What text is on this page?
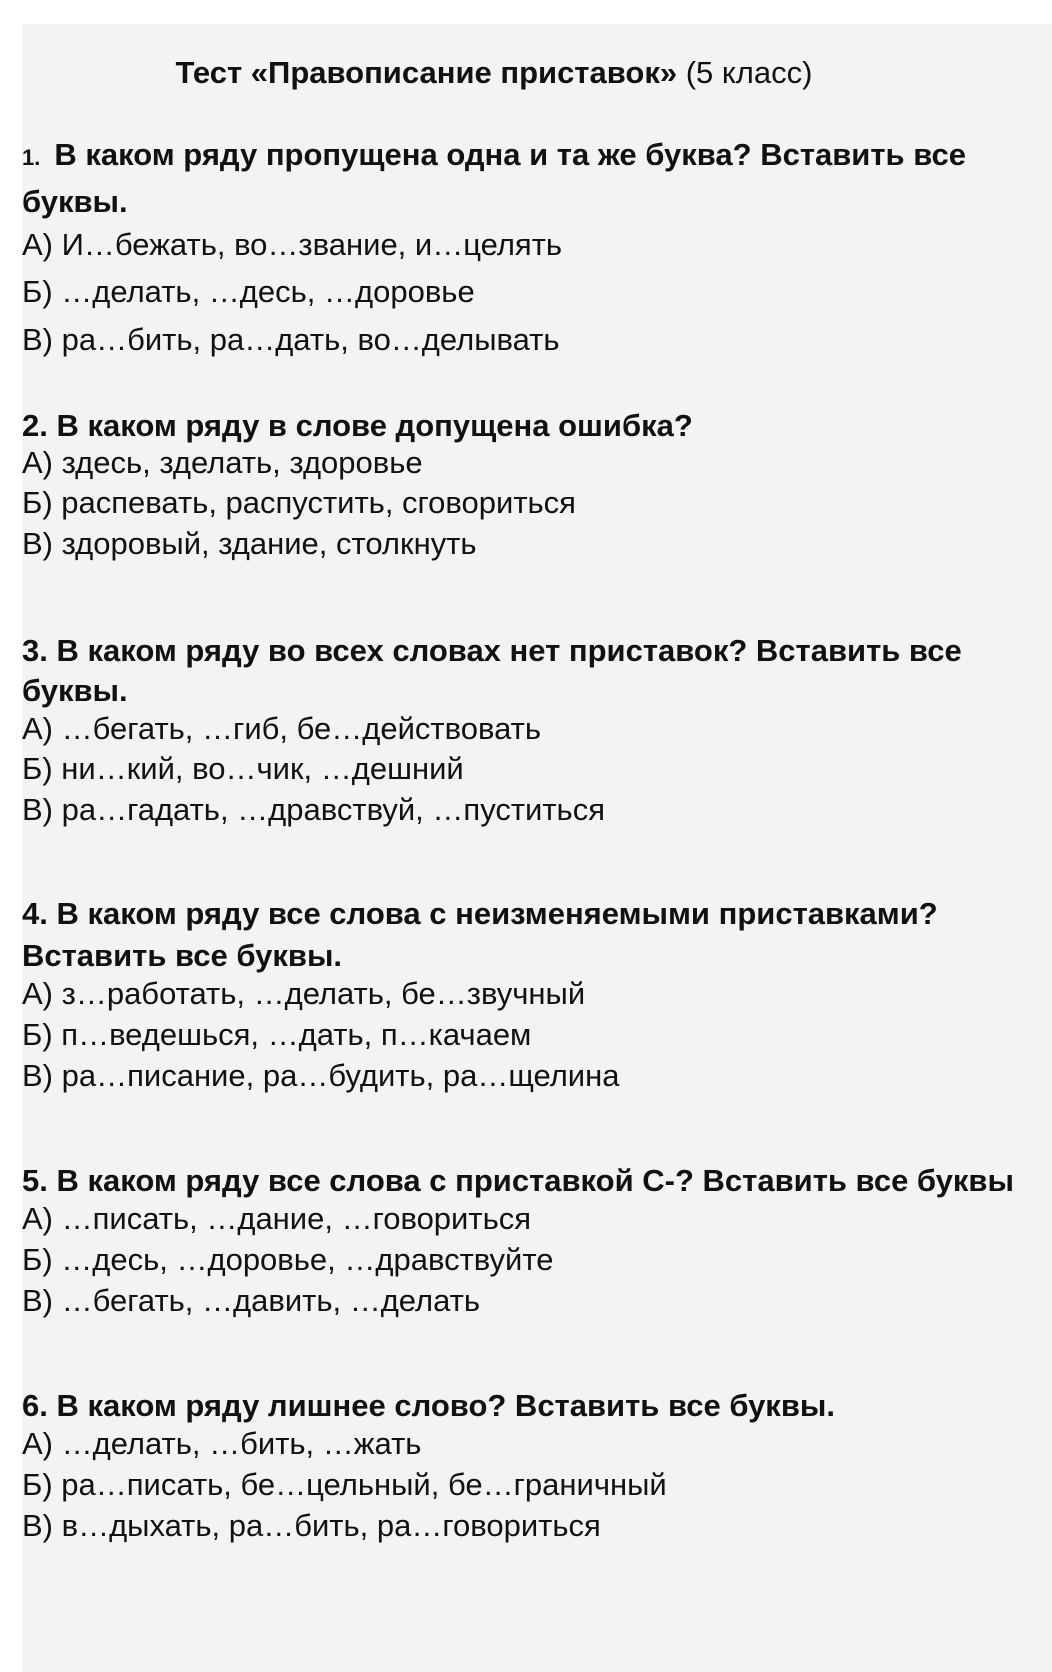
Тест «Правописание приставок» (5 класс)
1. В каком ряду пропущена одна и та же буква? Вставить все
буквы.
А) И…бежать, во…звание, и…целять
Б) …делать, …десь, …доровье
В) ра…бить, ра…дать, во…делывать
2. В каком ряду в слове допущена ошибка?
А) здесь, зделать, здоровье
Б) распевать, распустить, сговориться
В) здоровый, здание, столкнуть
3. В каком ряду во всех словах нет приставок? Вставить все
буквы.
А) …бегать, …гиб, бе…действовать
Б) ни…кий, во…чик, …дешний
В) ра…гадать, …дравствуй, …пуститься
4. В каком ряду все слова с неизменяемыми приставками?
Вставить все буквы.
А) з…работать, …делать, бе…звучный
Б) п…ведешься, …дать, п…качаем
В) ра…писание, ра…будить, ра…щелина
5. В каком ряду все слова с приставкой С-? Вставить все буквы
А) …писать, …дание, …говориться
Б) …десь, …доровье, …дравствуйте
В) …бегать, …давить, …делать
6. В каком ряду лишнее слово? Вставить все буквы.
А) …делать, …бить, …жать
Б) ра…писать, бе…цельный, бе…граничный
В) в…дыхать, ра…бить, ра…говориться
